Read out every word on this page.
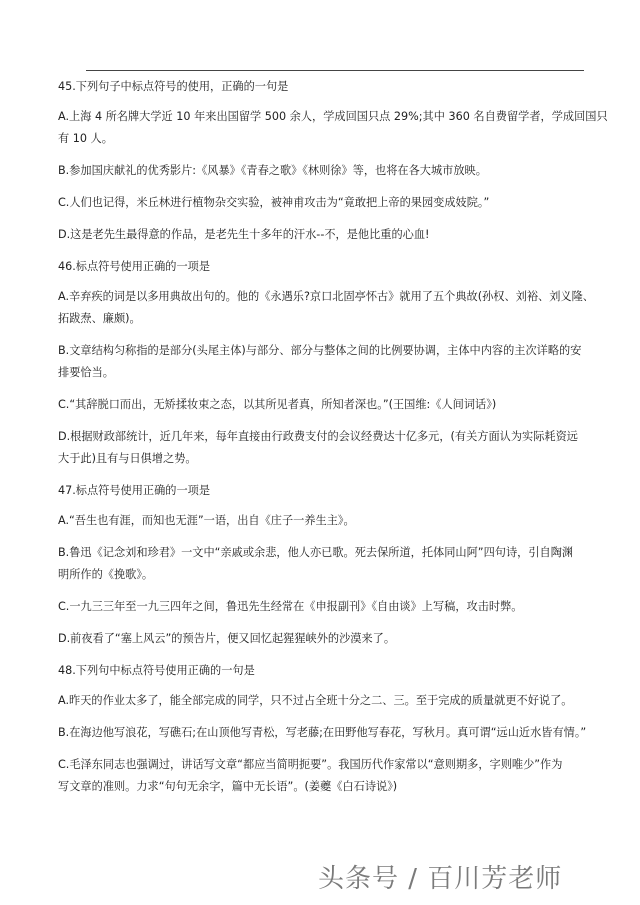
45.下列句子中标点符号的使用，正确的一句是

A.上海 4 所名牌大学近 10 年来出国留学 500 余人，学成回国只点 29%;其中 360 名自费留学者，学成回国只

有 10 人。

B.参加国庆献礼的优秀影片:《风暴》《青春之歌》《林则徐》等，也将在各大城市放映。

C.人们也记得，米丘林进行植物杂交实验，被神甫攻击为“竟敢把上帝的果园变成妓院。”

D.这是老先生最得意的作品，是老先生十多年的汗水--不，是他比重的心血!

46.标点符号使用正确的一项是

A.辛弃疾的词是以多用典故出句的。他的《永遇乐?京口北固亭怀古》就用了五个典故(孙权、刘裕、刘义隆、

拓跋焘、廉颇)。

B.文章结构匀称指的是部分(头尾主体)与部分、部分与整体之间的比例要协调，主体中内容的主次详略的安

排要恰当。

C.“其辞脱口而出，无矫揉妆束之态，以其所见者真，所知者深也。”(王国维:《人间词话》)

D.根据财政部统计，近几年来，每年直接由行政费支付的会议经费达十亿多元，(有关方面认为实际耗资远

大于此)且有与日俱增之势。

47.标点符号使用正确的一项是

A.“吾生也有涯，而知也无涯”一语，出自《庄子一养生主》。

B.鲁迅《记念刘和珍君》一文中“亲戚或余悲，他人亦已歌。死去保所道，托体同山阿”四句诗，引自陶渊

明所作的《挽歌》。

C.一九三三年至一九三四年之间，鲁迅先生经常在《申报副刊》《自由谈》上写稿，攻击时弊。

D.前夜看了“塞上风云”的预告片，便又回忆起猩猩峡外的沙漠来了。

48.下列句中标点符号使用正确的一句是

A.昨天的作业太多了，能全部完成的同学，只不过占全班十分之二、三。至于完成的质量就更不好说了。

B.在海边他写浪花，写礁石;在山顶他写青松，写老藤;在田野他写春花，写秋月。真可谓“远山近水皆有情。”

C.毛泽东同志也强调过，讲话写文章“都应当简明扼要”。我国历代作家常以“意则期多，字则唯少”作为

写文章的准则。力求“句句无余字，篇中无长语”。(姜夔《白石诗说》)

头条号 / 百川芳老师
